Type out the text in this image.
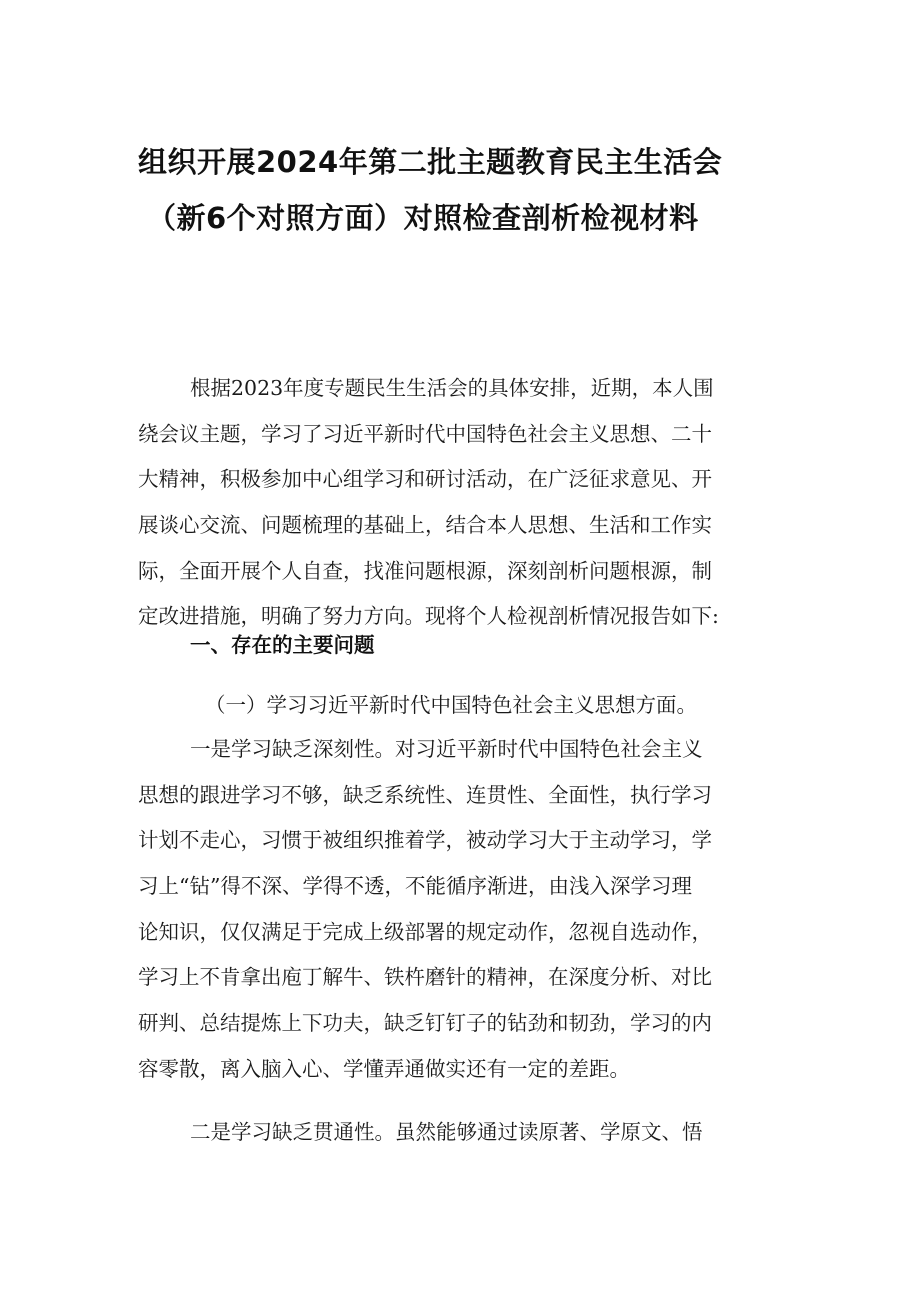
组织开展2024年第二批主题教育民主生活会
（新6个对照方面）对照检查剖析检视材料
根据2023年度专题民生生活会的具体安排，近期，本人围
绕会议主题，学习了习近平新时代中国特色社会主义思想、二十
大精神，积极参加中心组学习和研讨活动，在广泛征求意见、开
展谈心交流、问题梳理的基础上，结合本人思想、生活和工作实
际，全面开展个人自查，找准问题根源，深刻剖析问题根源，制
定改进措施，明确了努力方向。现将个人检视剖析情况报告如下:
一、存在的主要问题
（一）学习习近平新时代中国特色社会主义思想方面。
一是学习缺乏深刻性。对习近平新时代中国特色社会主义
思想的跟进学习不够，缺乏系统性、连贯性、全面性，执行学习
计划不走心，习惯于被组织推着学，被动学习大于主动学习，学
习上“钻”得不深、学得不透，不能循序渐进，由浅入深学习理
论知识，仅仅满足于完成上级部署的规定动作，忽视自选动作，
学习上不肯拿出庖丁解牛、铁杵磨针的精神，在深度分析、对比
研判、总结提炼上下功夫，缺乏钉钉子的钻劲和韧劲，学习的内
容零散，离入脑入心、学懂弄通做实还有一定的差距。
二是学习缺乏贯通性。虽然能够通过读原著、学原文、悟
